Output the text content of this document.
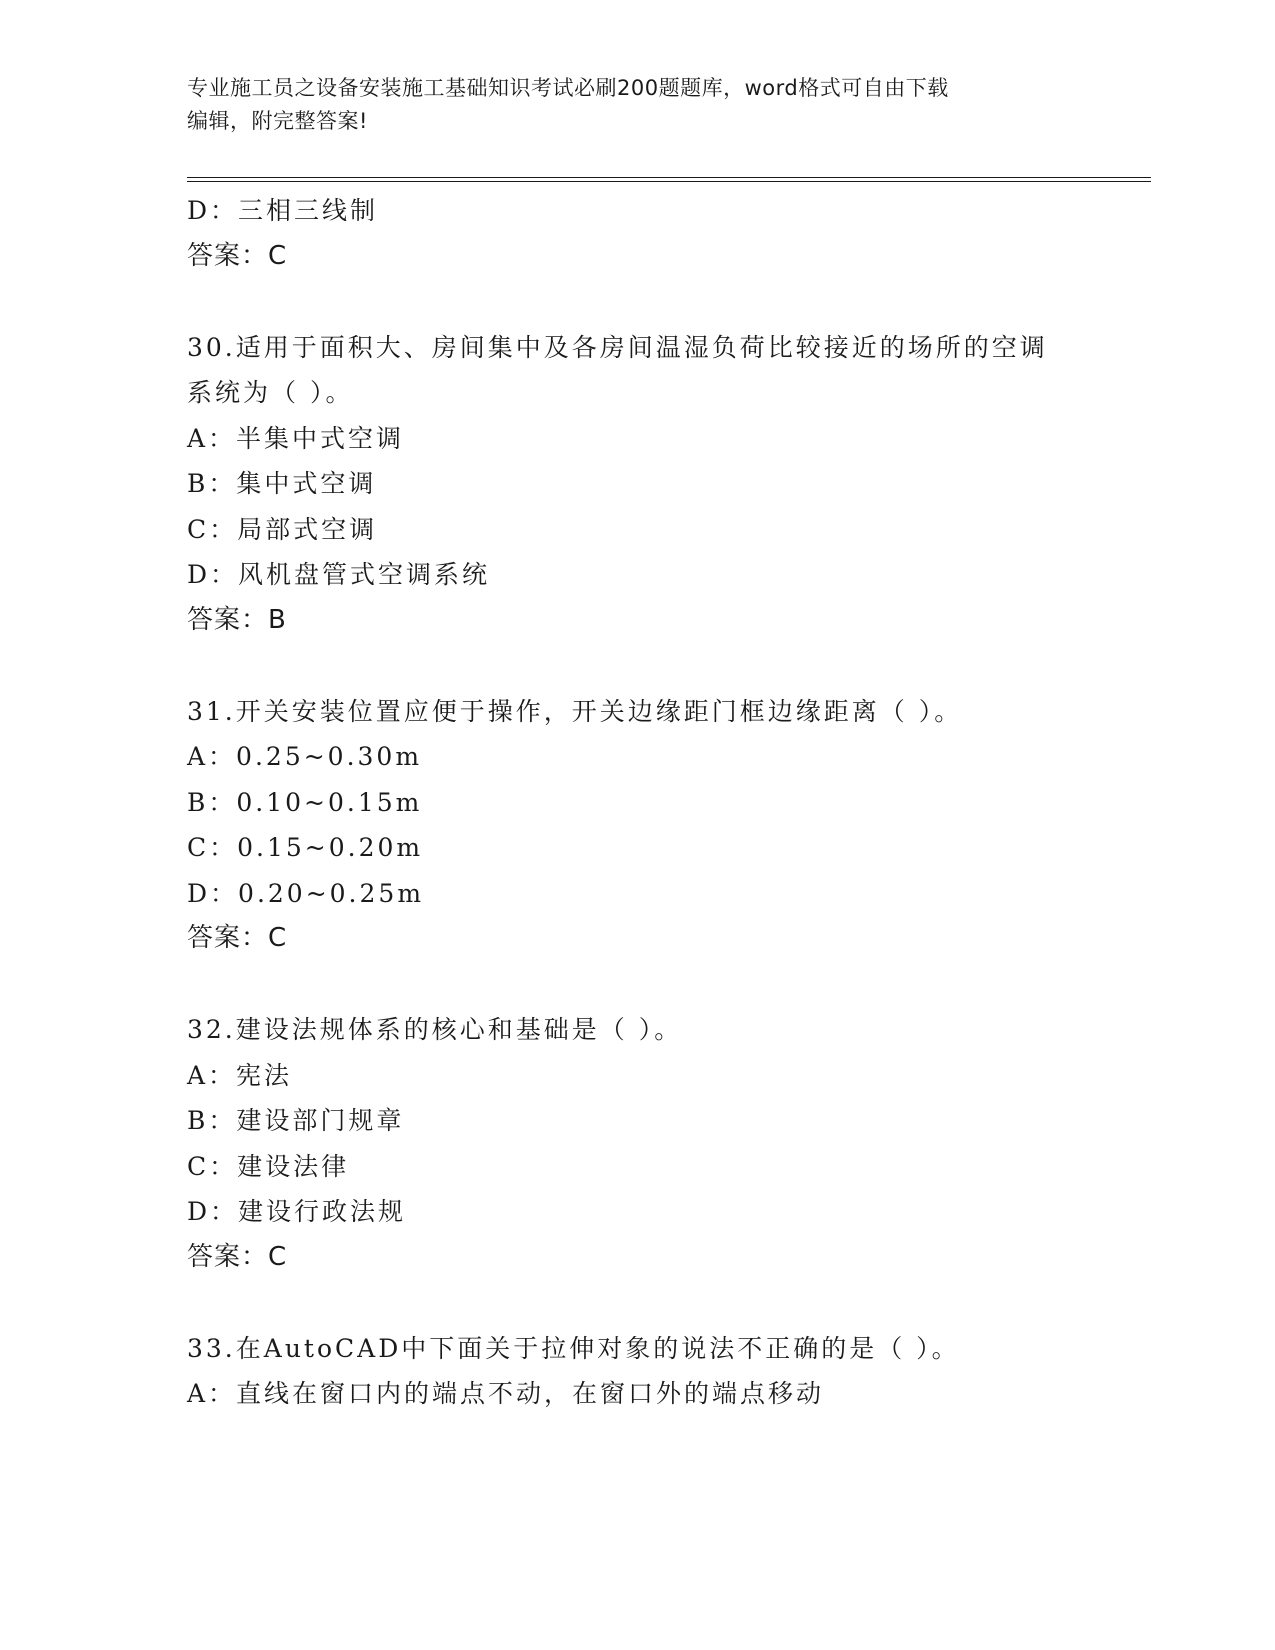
专业施工员之设备安装施工基础知识考试必刷200题题库，word格式可自由下载
编辑，附完整答案!
D：三相三线制
答案：C
30.适用于面积大、房间集中及各房间温湿负荷比较接近的场所的空调
系统为（ ）。
A：半集中式空调
B：集中式空调
C：局部式空调
D：风机盘管式空调系统
答案：B
31.开关安装位置应便于操作，开关边缘距门框边缘距离（ ）。
A：0.25~0.30m
B：0.10~0.15m
C：0.15~0.20m
D：0.20~0.25m
答案：C
32.建设法规体系的核心和基础是（ ）。
A：宪法
B：建设部门规章
C：建设法律
D：建设行政法规
答案：C
33.在AutoCAD中下面关于拉伸对象的说法不正确的是（ ）。
A：直线在窗口内的端点不动，在窗口外的端点移动
